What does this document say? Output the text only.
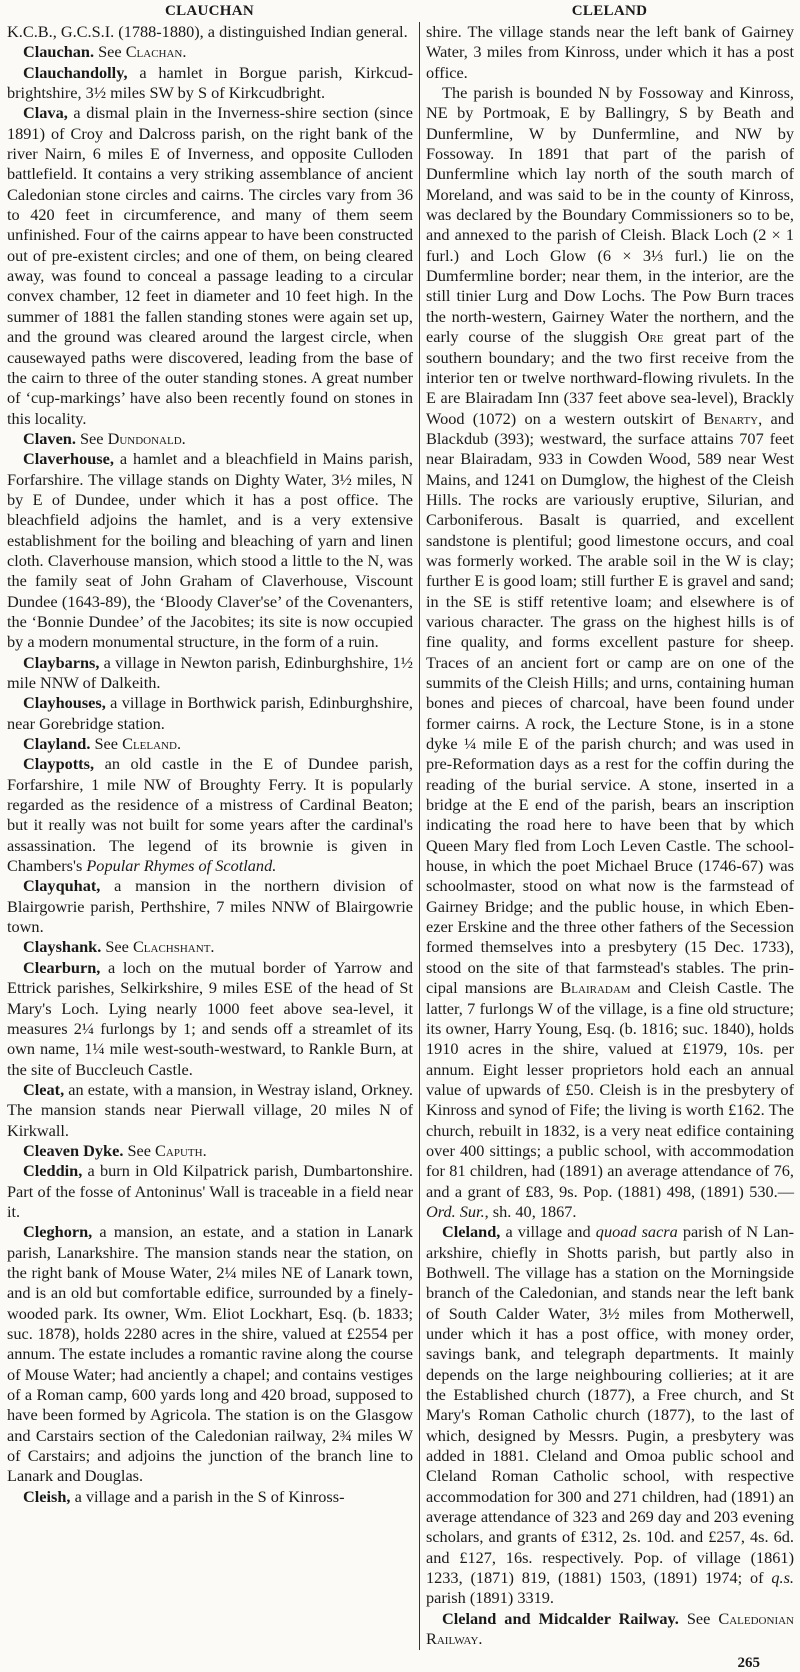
CLAUCHAN	CLELAND

K.C.B., G.C.S.I. (1788-1880), a distinguished Indian general.

Clauchan. See Clachan.

Clauchandolly, a hamlet in Borgue parish, Kirkcudbrightshire, 3½ miles SW by S of Kirkcudbright.

Clava, a dismal plain in the Inverness-shire section (since 1891) of Croy and Dalcross parish, on the right bank of the river Nairn, 6 miles E of Inverness, and opposite Culloden battlefield. It contains a very striking assemblance of ancient Caledonian stone circles and cairns. The circles vary from 36 to 420 feet in circumference, and many of them seem unfinished. Four of the cairns appear to have been constructed out of pre-existent circles; and one of them, on being cleared away, was found to conceal a passage leading to a circular convex chamber, 12 feet in diameter and 10 feet high. In the summer of 1881 the fallen standing stones were again set up, and the ground was cleared around the largest circle, when causewayed paths were discovered, leading from the base of the cairn to three of the outer standing stones. A great number of ‘cup-markings’ have also been recently found on stones in this locality.

Claven. See Dundonald.

Claverhouse, a hamlet and a bleachfield in Mains parish, Forfarshire. The village stands on Dighty Water, 3½ miles, N by E of Dundee, under which it has a post office. The bleachfield adjoins the hamlet, and is a very extensive establishment for the boiling and bleaching of yarn and linen cloth. Claverhouse mansion, which stood a little to the N, was the family seat of John Graham of Claverhouse, Viscount Dundee (1643-89), the ‘Bloody Claver'se’ of the Covenanters, the ‘Bonnie Dundee’ of the Jacobites; its site is now occupied by a modern monumental structure, in the form of a ruin.

Claybarns, a village in Newton parish, Edinburghshire, 1½ mile NNW of Dalkeith.

Clayhouses, a village in Borthwick parish, Edinburghshire, near Gorebridge station.

Clayland. See Cleland.

Claypotts, an old castle in the E of Dundee parish, Forfarshire, 1 mile NW of Broughty Ferry. It is popularly regarded as the residence of a mistress of Cardinal Beaton; but it really was not built for some years after the cardinal's assassination. The legend of its brownie is given in Chambers's Popular Rhymes of Scotland.

Clayquhat, a mansion in the northern division of Blairgowrie parish, Perthshire, 7 miles NNW of Blairgowrie town.

Clayshank. See Clachshant.

Clearburn, a loch on the mutual border of Yarrow and Ettrick parishes, Selkirkshire, 9 miles ESE of the head of St Mary's Loch. Lying nearly 1000 feet above sea-level, it measures 2¼ furlongs by 1; and sends off a streamlet of its own name, 1¼ mile west-south-westward, to Rankle Burn, at the site of Buccleuch Castle.

Cleat, an estate, with a mansion, in Westray island, Orkney. The mansion stands near Pierwall village, 20 miles N of Kirkwall.

Cleaven Dyke. See Caputh.

Cleddin, a burn in Old Kilpatrick parish, Dumbartonshire. Part of the fosse of Antoninus' Wall is traceable in a field near it.

Cleghorn, a mansion, an estate, and a station in Lanark parish, Lanarkshire. The mansion stands near the station, on the right bank of Mouse Water, 2¼ miles NE of Lanark town, and is an old but comfortable edifice, surrounded by a finely-wooded park. Its owner, Wm. Eliot Lockhart, Esq. (b. 1833; suc. 1878), holds 2280 acres in the shire, valued at £2554 per annum. The estate includes a romantic ravine along the course of Mouse Water; had anciently a chapel; and contains vestiges of a Roman camp, 600 yards long and 420 broad, supposed to have been formed by Agricola. The station is on the Glasgow and Carstairs section of the Caledonian railway, 2¾ miles W of Carstairs; and adjoins the junction of the branch line to Lanark and Douglas.

Cleish, a village and a parish in the S of Kinross-

shire. The village stands near the left bank of Gairney Water, 3 miles from Kinross, under which it has a post office.

The parish is bounded N by Fossoway and Kinross, NE by Portmoak, E by Ballingry, S by Beath and Dunfermline, W by Dunfermline, and NW by Fossoway. In 1891 that part of the parish of Dunfermline which lay north of the south march of Moreland, and was said to be in the county of Kinross, was declared by the Boundary Commissioners so to be, and annexed to the parish of Cleish. Black Loch (2 × 1 furl.) and Loch Glow (6 × 3⅓ furl.) lie on the Dumfermline border; near them, in the interior, are the still tinier Lurg and Dow Lochs. The Pow Burn traces the north-western, Gairney Water the northern, and the early course of the sluggish Ore great part of the southern boundary; and the two first receive from the interior ten or twelve northward-flowing rivulets. In the E are Blairadam Inn (337 feet above sea-level), Brackly Wood (1072) on a western outskirt of Benarty, and Blackdub (393); westward, the surface attains 707 feet near Blairadam, 933 in Cowden Wood, 589 near West Mains, and 1241 on Dumglow, the highest of the Cleish Hills. The rocks are variously eruptive, Silurian, and Carboniferous. Basalt is quarried, and excellent sandstone is plentiful; good limestone occurs, and coal was formerly worked. The arable soil in the W is clay; further E is good loam; still further E is gravel and sand; in the SE is stiff retentive loam; and elsewhere is of various character. The grass on the highest hills is of fine quality, and forms excellent pasture for sheep. Traces of an ancient fort or camp are on one of the summits of the Cleish Hills; and urns, containing human bones and pieces of charcoal, have been found under former cairns. A rock, the Lecture Stone, is in a stone dyke ¼ mile E of the parish church; and was used in pre-Reformation days as a rest for the coffin during the reading of the burial service. A stone, inserted in a bridge at the E end of the parish, bears an inscription indicating the road here to have been that by which Queen Mary fled from Loch Leven Castle. The schoolhouse, in which the poet Michael Bruce (1746-67) was schoolmaster, stood on what now is the farmstead of Gairney Bridge; and the public house, in which Ebenezer Erskine and the three other fathers of the Secession formed themselves into a presbytery (15 Dec. 1733), stood on the site of that farmstead's stables. The principal mansions are Blairadam and Cleish Castle. The latter, 7 furlongs W of the village, is a fine old structure; its owner, Harry Young, Esq. (b. 1816; suc. 1840), holds 1910 acres in the shire, valued at £1979, 10s. per annum. Eight lesser proprietors hold each an annual value of upwards of £50. Cleish is in the presbytery of Kinross and synod of Fife; the living is worth £162. The church, rebuilt in 1832, is a very neat edifice containing over 400 sittings; a public school, with accommodation for 81 children, had (1891) an average attendance of 76, and a grant of £83, 9s. Pop. (1881) 498, (1891) 530.—Ord. Sur., sh. 40, 1867.

Cleland, a village and quoad sacra parish of N Lanarkshire, chiefly in Shotts parish, but partly also in Bothwell. The village has a station on the Morningside branch of the Caledonian, and stands near the left bank of South Calder Water, 3½ miles from Motherwell, under which it has a post office, with money order, savings bank, and telegraph departments. It mainly depends on the large neighbouring collieries; at it are the Established church (1877), a Free church, and St Mary's Roman Catholic church (1877), to the last of which, designed by Messrs. Pugin, a presbytery was added in 1881. Cleland and Omoa public school and Cleland Roman Catholic school, with respective accommodation for 300 and 271 children, had (1891) an average attendance of 323 and 269 day and 203 evening scholars, and grants of £312, 2s. 10d. and £257, 4s. 6d. and £127, 16s. respectively. Pop. of village (1861) 1233, (1871) 819, (1881) 1503, (1891) 1974; of q.s. parish (1891) 3319.

Cleland and Midcalder Railway. See Caledonian Railway.

265
